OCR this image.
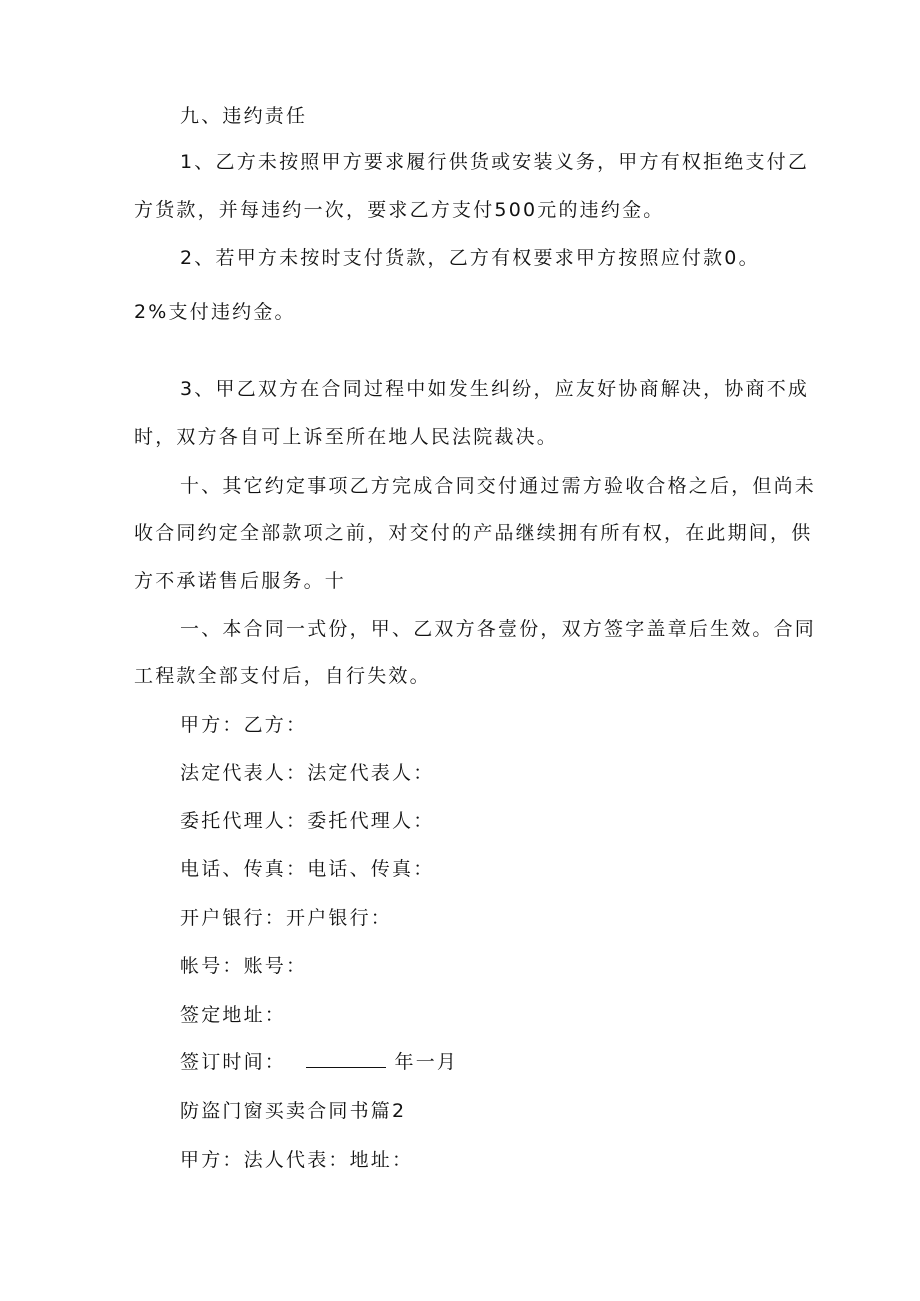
九、违约责任
1、乙方未按照甲方要求履行供货或安装义务，甲方有权拒绝支付乙
方货款，并每违约一次，要求乙方支付500元的违约金。
2、若甲方未按时支付货款，乙方有权要求甲方按照应付款0。
2%支付违约金。
3、甲乙双方在合同过程中如发生纠纷，应友好协商解决，协商不成
时，双方各自可上诉至所在地人民法院裁决。
十、其它约定事项乙方完成合同交付通过需方验收合格之后，但尚未
收合同约定全部款项之前，对交付的产品继续拥有所有权，在此期间，供
方不承诺售后服务。十
一、本合同一式份，甲、乙双方各壹份，双方签字盖章后生效。合同
工程款全部支付后，自行失效。
甲方：乙方：
法定代表人：法定代表人：
委托代理人：委托代理人：
电话、传真：电话、传真：
开户银行：开户银行：
帐号：账号：
签定地址：
签订时间：	年一月
防盗门窗买卖合同书篇2
甲方：法人代表：地址：
